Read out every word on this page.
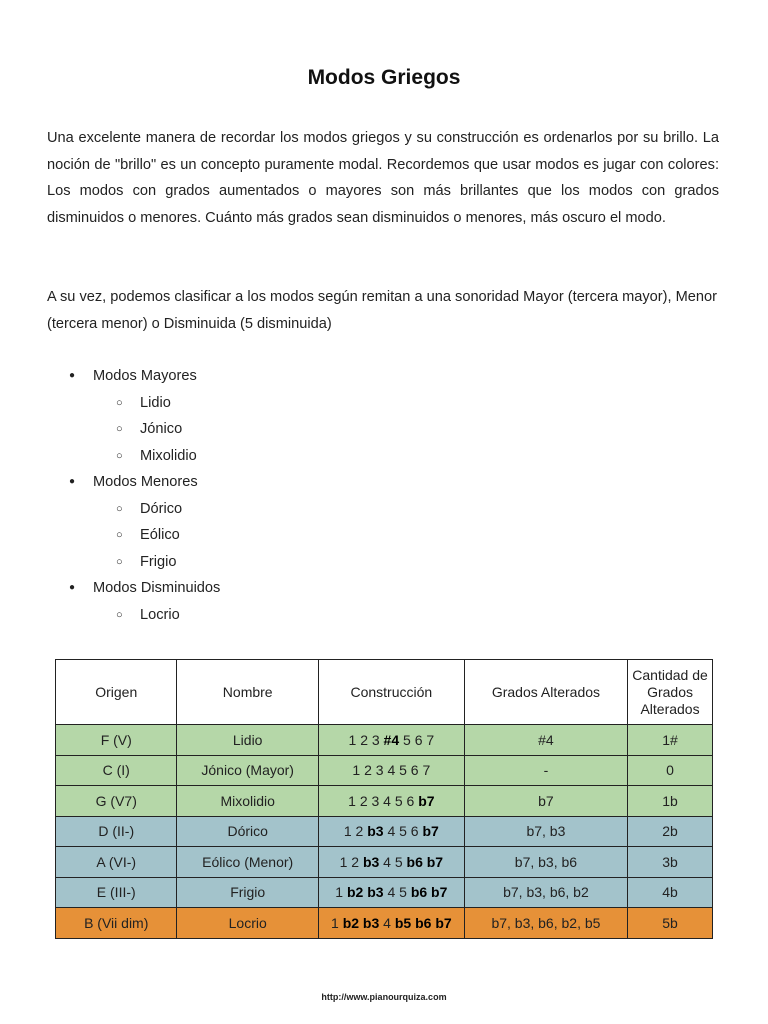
Modos Griegos

Una excelente manera de recordar los modos griegos y su construcción es ordenarlos por su brillo. La noción de "brillo" es un concepto puramente modal. Recordemos que usar modos es jugar con colores: Los modos con grados aumentados o mayores son más brillantes que los modos con grados disminuidos o menores. Cuánto más grados sean disminuidos o menores, más oscuro el modo.

A su vez, podemos clasificar a los modos según remitan a una sonoridad Mayor (tercera mayor), Menor (tercera menor) o Disminuida (5 disminuida)

● Modos Mayores
○ Lidio
○ Jónico
○ Mixolidio
● Modos Menores
○ Dórico
○ Eólico
○ Frigio
● Modos Disminuidos
○ Locrio
Origen	Nombre	Construcción	Grados Alterados	Cantidad de Grados Alterados
F (V)	Lidio	1 2 3 #4 5 6 7	#4	1#
C (I)	Jónico (Mayor)	1 2 3 4 5 6 7	-	0
G (V7)	Mixolidio	1 2 3 4 5 6 b7	b7	1b
D (II-)	Dórico	1 2 b3 4 5 6 b7	b7, b3	2b
A (VI-)	Eólico (Menor)	1 2 b3 4 5 b6 b7	b7, b3, b6	3b
E (III-)	Frigio	1 b2 b3 4 5 b6 b7	b7, b3, b6, b2	4b
B (Vii dim)	Locrio	1 b2 b3 4 b5 b6 b7	b7, b3, b6, b2, b5	5b
http://www.pianourquiza.com
